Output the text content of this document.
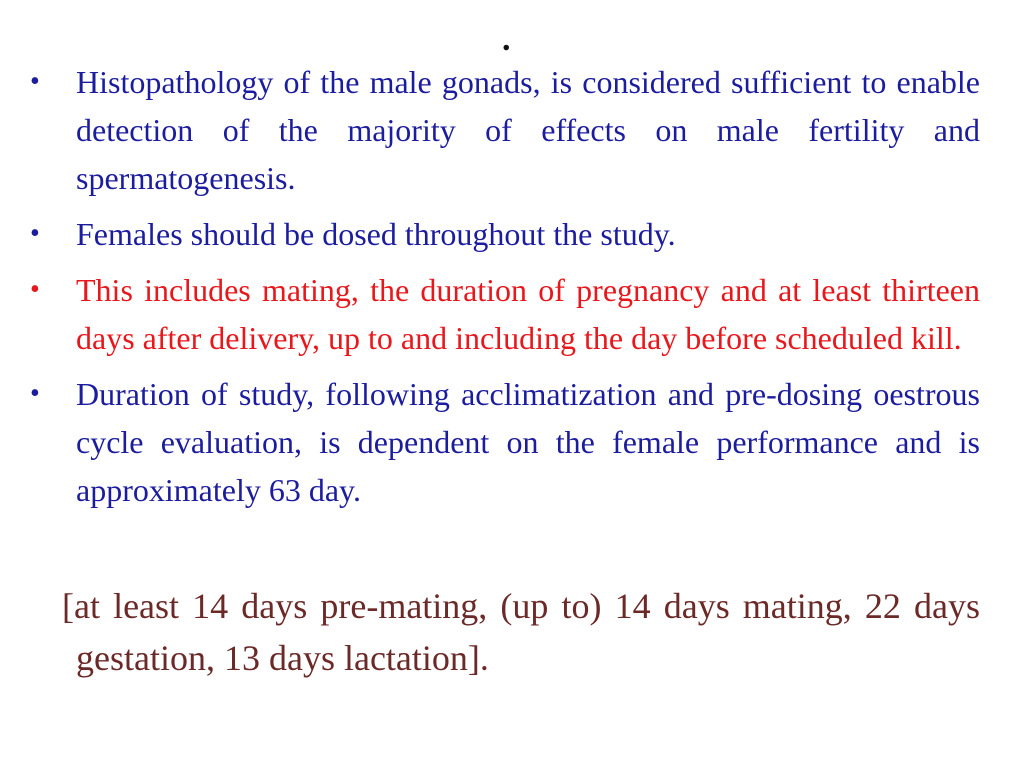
.
• Histopathology of the male gonads, is considered sufficient to enable detection of the majority of effects on male fertility and spermatogenesis.
• Females should be dosed throughout the study.
• This includes mating, the duration of pregnancy and at least thirteen days after delivery, up to and including the day before scheduled kill.
• Duration of study, following acclimatization and pre-dosing oestrous cycle evaluation, is dependent on the female performance and is approximately 63 day.
[at least 14 days pre-mating, (up to) 14 days mating, 22 days gestation, 13 days lactation].
